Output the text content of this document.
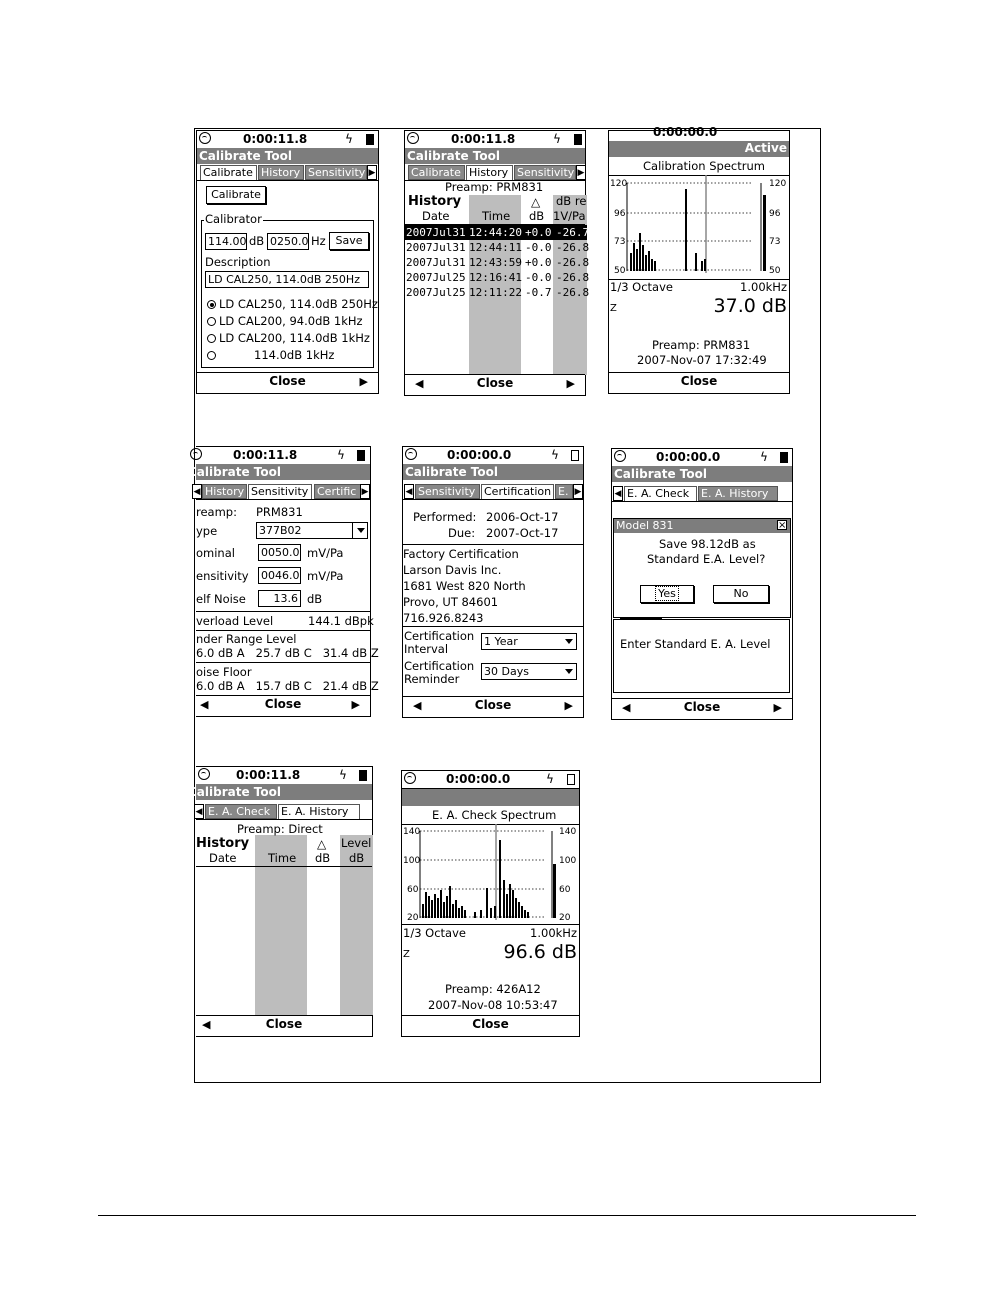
0:00:11.8	ϟ
Calibrate Tool
Calibrate History Sensitivity ▶
Calibrate
Calibrator
114.00 dB 0250.0 Hz Save
Description
LD CAL250, 114.0dB 250Hz
LD CAL250, 114.0dB 250Hz
LD CAL200, 94.0dB 1kHz
LD CAL200, 114.0dB 1kHz
114.0dB 1kHz
Close	▶
0:00:11.8	ϟ
Calibrate Tool
Calibrate History Sensitivity ▶
Preamp: PRM831
History
Date	Time
△
dB
dB re
1V/Pa
2007Jul31 12:44:20 +0.0 -26.7
2007Jul31 12:44:11 -0.0 -26.8
2007Jul31 12:43:59 +0.0 -26.8
2007Jul25 12:16:41 -0.0 -26.8
2007Jul25 12:11:22 -0.7 -26.8
◀	Close	▶
0:00:00.0
Active
Calibration Spectrum
120
96
73
50
120
96
73
50
1/3 Octave	1.00kHz
Z	37.0 dB
Preamp: PRM831
2007-Nov-07 17:32:49
Close
0:00:11.8	ϟ
Calibrate Tool
◀ History Sensitivity Certific ▶
reamp: PRM831
ype	377B02
ominal 0050.0 mV/Pa
ensitivity 0046.0 mV/Pa
elf Noise	13.6 dB
verload Level	144.1 dBpk
nder Range Level
6.0 dB A   25.7 dB C   31.4 dB Z
oise Floor
6.0 dB A   15.7 dB C   21.4 dB Z
◀	Close	▶
0:00:00.0	ϟ
Calibrate Tool
◀ Sensitivity Certification E. ▶
Performed: 2006-Oct-17
Due: 2007-Oct-17
Factory Certification
Larson Davis Inc.
1681 West 820 North
Provo, UT 84601
716.926.8243
Certification
Interval
1 Year
Certification
Reminder
30 Days
◀	Close	▶
0:00:00.0	ϟ
Calibrate Tool
◀ E. A. Check	E. A. History
Model 831	×
Save 98.12dB as
Standard E.A. Level?
Yes	No
Enter Standard E. A. Level
◀	Close	▶
0:00:11.8	ϟ
Calibrate Tool
◀ E. A. Check E. A. History
Preamp: Direct
History
Date	Time
△
dB
Level
dB
◀	Close
0:00:00.0	ϟ
E. A. Check Spectrum
140
100
60
20
140
100
60
20
1/3 Octave	1.00kHz
Z	96.6 dB
Preamp: 426A12
2007-Nov-08 10:53:47
Close
